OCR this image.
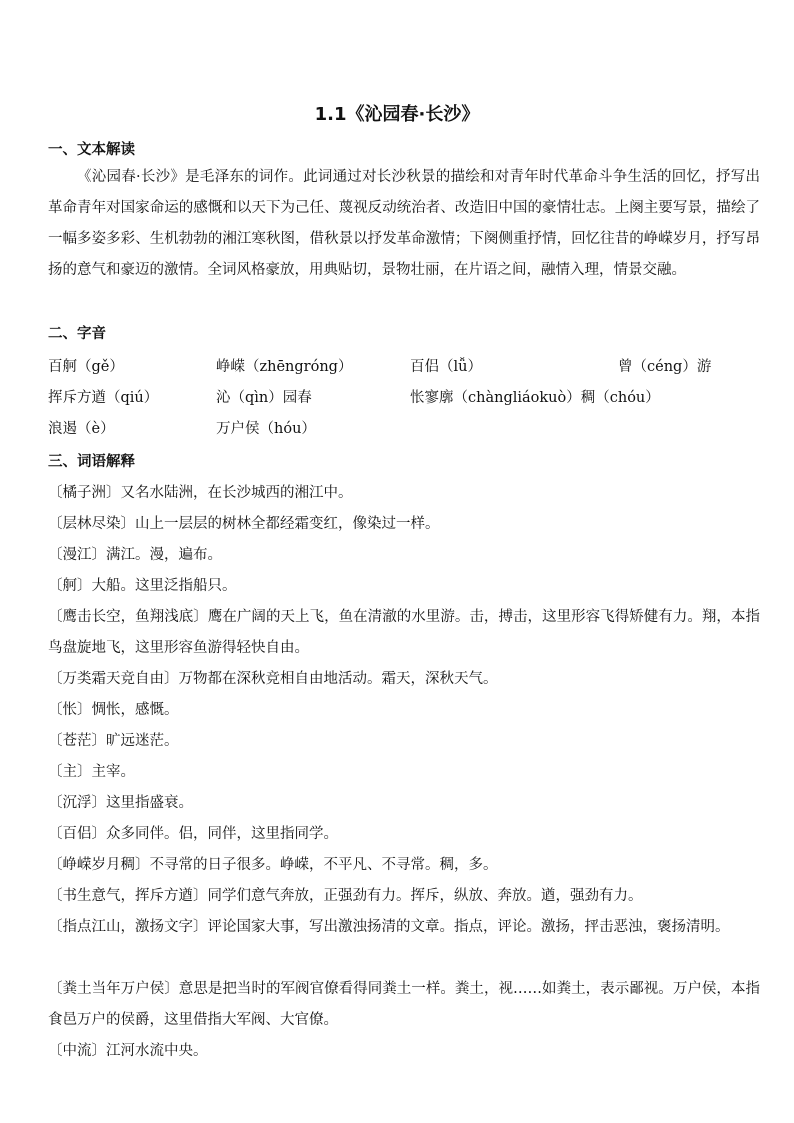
1.1《沁园春·长沙》
一、文本解读
《沁园春·长沙》是毛泽东的词作。此词通过对长沙秋景的描绘和对青年时代革命斗争生活的回忆，抒写出革命青年对国家命运的感慨和以天下为己任、蔑视反动统治者、改造旧中国的豪情壮志。上阕主要写景，描绘了一幅多姿多彩、生机勃勃的湘江寒秋图，借秋景以抒发革命激情；下阕侧重抒情，回忆往昔的峥嵘岁月，抒写昂扬的意气和豪迈的激情。全词风格豪放，用典贴切，景物壮丽，在片语之间，融情入理，情景交融。
二、字音
百舸（gě）	峥嵘（zhēngróng）	百侣（lǚ）	曾（céng）游
挥斥方遒（qiú）	沁（qìn）园春	怅寥廓（chàngliáokuò）稠（chóu）
浪遏（è）	万户侯（hóu）
三、词语解释
〔橘子洲〕又名水陆洲，在长沙城西的湘江中。
〔层林尽染〕山上一层层的树林全都经霜变红，像染过一样。
〔漫江〕满江。漫，遍布。
〔舸〕大船。这里泛指船只。
〔鹰击长空，鱼翔浅底〕鹰在广阔的天上飞，鱼在清澈的水里游。击，搏击，这里形容飞得矫健有力。翔，本指鸟盘旋地飞，这里形容鱼游得轻快自由。
〔万类霜天竞自由〕万物都在深秋竞相自由地活动。霜天，深秋天气。
〔怅〕惆怅，感慨。
〔苍茫〕旷远迷茫。
〔主〕主宰。
〔沉浮〕这里指盛衰。
〔百侣〕众多同伴。侣，同伴，这里指同学。
〔峥嵘岁月稠〕不寻常的日子很多。峥嵘，不平凡、不寻常。稠，多。
〔书生意气，挥斥方遒〕同学们意气奔放，正强劲有力。挥斥，纵放、奔放。遒，强劲有力。
〔指点江山，激扬文字〕评论国家大事，写出激浊扬清的文章。指点，评论。激扬，抨击恶浊，褒扬清明。
〔粪土当年万户侯〕意思是把当时的军阀官僚看得同粪土一样。粪土，视……如粪土，表示鄙视。万户侯，本指食邑万户的侯爵，这里借指大军阀、大官僚。
〔中流〕江河水流中央。
